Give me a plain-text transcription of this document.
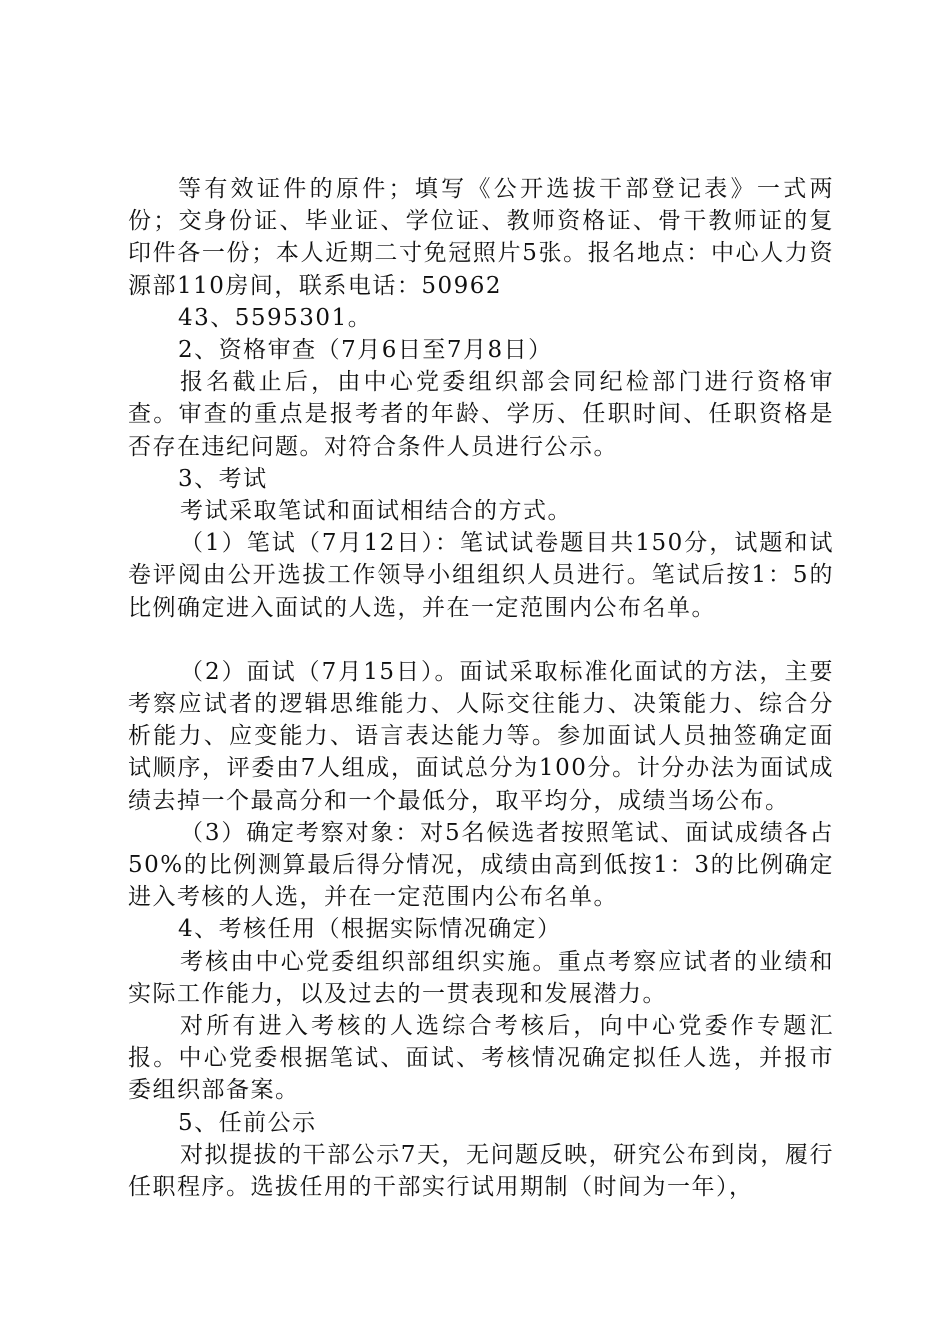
等有效证件的原件；填写《公开选拔干部登记表》一式两份；交身份证、毕业证、学位证、教师资格证、骨干教师证的复印件各一份；本人近期二寸免冠照片5张。报名地点：中心人力资源部110房间，联系电话：50962

43、5595301。

2、资格审查（7月6日至7月8日）

报名截止后，由中心党委组织部会同纪检部门进行资格审查。审查的重点是报考者的年龄、学历、任职时间、任职资格是否存在违纪问题。对符合条件人员进行公示。

3、考试

考试采取笔试和面试相结合的方式。

（1）笔试（7月12日）：笔试试卷题目共150分，试题和试卷评阅由公开选拔工作领导小组组织人员进行。笔试后按1：5的比例确定进入面试的人选，并在一定范围内公布名单。

（2）面试（7月15日）。面试采取标准化面试的方法，主要考察应试者的逻辑思维能力、人际交往能力、决策能力、综合分析能力、应变能力、语言表达能力等。参加面试人员抽签确定面试顺序，评委由7人组成，面试总分为100分。计分办法为面试成绩去掉一个最高分和一个最低分，取平均分，成绩当场公布。

（3）确定考察对象：对5名候选者按照笔试、面试成绩各占50%的比例测算最后得分情况，成绩由高到低按1：3的比例确定进入考核的人选，并在一定范围内公布名单。

4、考核任用（根据实际情况确定）

考核由中心党委组织部组织实施。重点考察应试者的业绩和实际工作能力，以及过去的一贯表现和发展潜力。

对所有进入考核的人选综合考核后，向中心党委作专题汇报。中心党委根据笔试、面试、考核情况确定拟任人选，并报市委组织部备案。

5、任前公示

对拟提拔的干部公示7天，无问题反映，研究公布到岗，履行任职程序。选拔任用的干部实行试用期制（时间为一年），
